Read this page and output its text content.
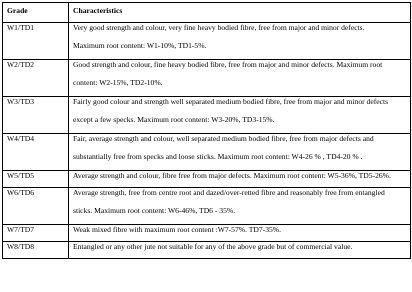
Grade	Characteristics
W1/TD1	Very good strength and colour, very fine heavy bodied fibre, free from major and minor defects.
Maximum root content: W1-10%, TD1-5%.

W2/TD2	Good strength and colour, fine heavy bodied fibre, free from major and minor defects. Maximum root
content: W2-15%, TD2-10%.

W3/TD3	Fairly good colour and strength well separated medium bodied fibre, free from major and minor defects
except a few specks. Maximum root content: W3-20%, TD3-15%.

W4/TD4	Fair, average strength and colour, well separated medium bodied fibre, free from major defects and
substantially free from specks and loose sticks. Maximum root content: W4-26 % , TD4-20 % .

W5/TD5	Average strength and colour, fibre free from major defects. Maximum root content: W5-36%, TD5-26%.

W6/TD6	Average strength, free from centre root and dazed/over-retted fibre and reasonably free from entangled
sticks. Maximum root content: W6-46%, TD6 - 35%.

W7/TD7	Weak mixed fibre with maximum root content :W7-57%. TD7-35%.

W8/TD8	Entangled or any other jute not suitable for any of the above grade but of commercial value.
